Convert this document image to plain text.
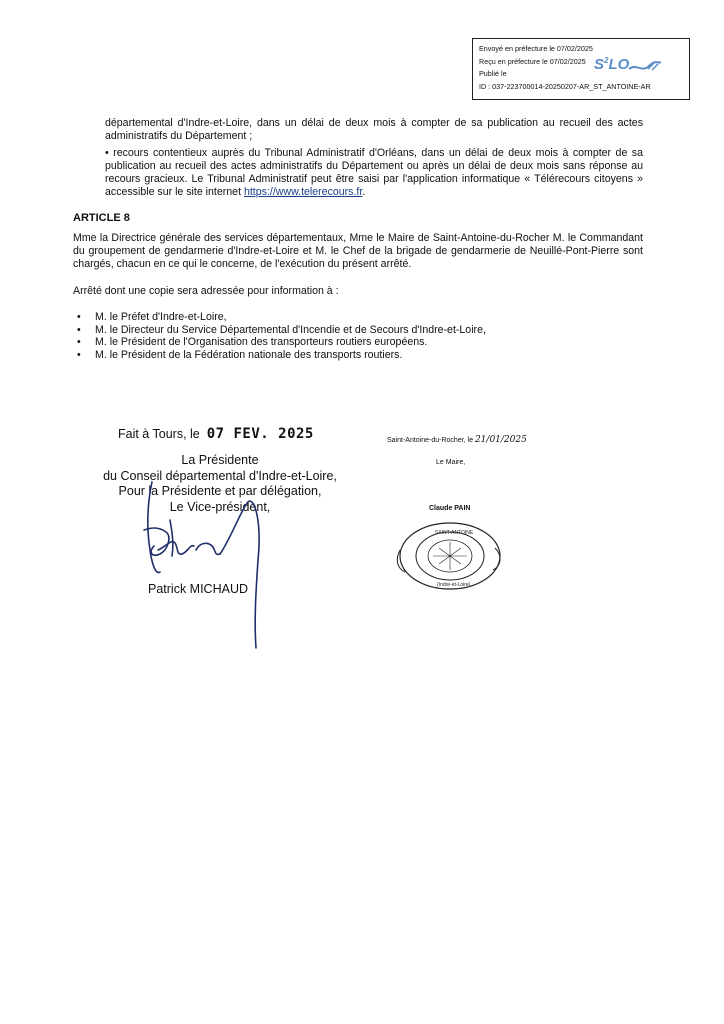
Envoyé en préfecture le 07/02/2025
Reçu en préfecture le 07/02/2025
Publié le
ID : 037-223700014-20250207-AR_ST_ANTOINE-AR
$S^2LO$
départemental d'Indre-et-Loire, dans un délai de deux mois à compter de sa publication au recueil des actes administratifs du Département ;
• recours contentieux auprès du Tribunal Administratif d'Orléans, dans un délai de deux mois à compter de sa publication au recueil des actes administratifs du Département ou après un délai de deux mois sans réponse au recours gracieux. Le Tribunal Administratif peut être saisi par l'application informatique « Télérecours citoyens » accessible sur le site internet https://www.telerecours.fr.
ARTICLE 8
Mme la Directrice générale des services départementaux, Mme le Maire de Saint-Antoine-du-Rocher M. le Commandant du groupement de gendarmerie d'Indre-et-Loire et M. le Chef de la brigade de gendarmerie de Neuillé-Pont-Pierre sont chargés, chacun en ce qui le concerne, de l'exécution du présent arrêté.
Arrêté dont une copie sera adressée pour information à :
• M. le Préfet d'Indre-et-Loire,
• M. le Directeur du Service Départemental d'Incendie et de Secours d'Indre-et-Loire,
• M. le Président de l'Organisation des transporteurs routiers européens.
• M. le Président de la Fédération nationale des transports routiers.
Fait à Tours, le 07 FEV. 2025
La Présidente
du Conseil départemental d'Indre-et-Loire,
Pour la Présidente et par délégation,
Le Vice-président,
Patrick MICHAUD
Saint-Antoine-du-Rocher, le 21/01/2025
Le Maire,
Claude PAIN
SAINT-ANTOINE
(Indre-et-Loire)
